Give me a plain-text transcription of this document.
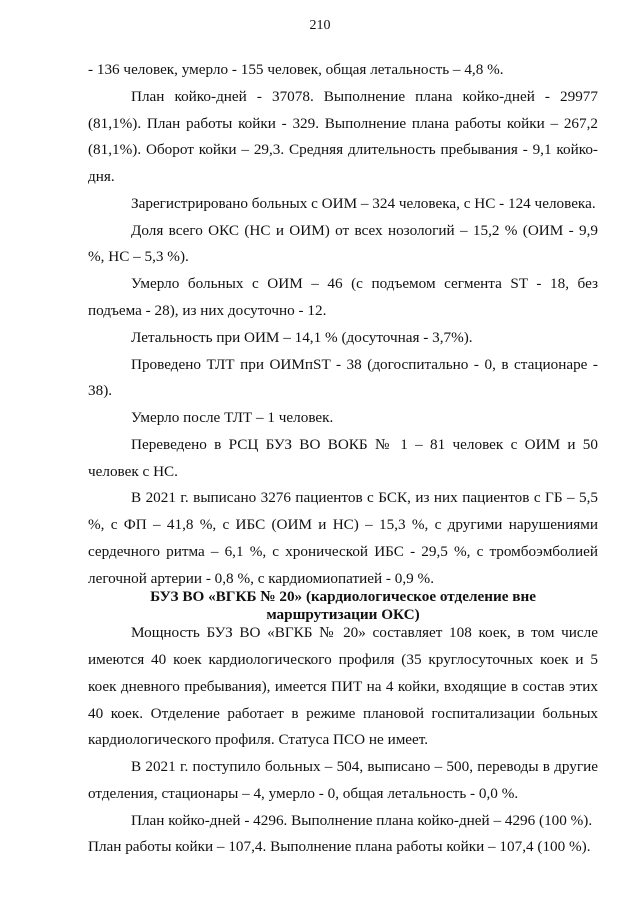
210
- 136 человек, умерло - 155 человек, общая летальность – 4,8 %.
План койко-дней - 37078. Выполнение плана койко-дней - 29977
(81,1%). План работы койки - 329. Выполнение плана работы койки – 267,2
(81,1%). Оборот койки – 29,3. Средняя длительность пребывания - 9,1 койко-
дня.
Зарегистрировано больных с ОИМ – 324 человека, с НС - 124 человека.
Доля всего ОКС (НС и ОИМ) от всех нозологий – 15,2 % (ОИМ - 9,9
%, НС – 5,3 %).
Умерло больных с ОИМ – 46 (с подъемом сегмента ST - 18, без
подъема - 28), из них досуточно - 12.
Летальность при ОИМ – 14,1 % (досуточная - 3,7%).
Проведено ТЛТ при ОИМпST - 38 (догоспитально - 0, в стационаре -
38).
Умерло после ТЛТ – 1 человек.
Переведено в РСЦ БУЗ ВО ВОКБ № 1 – 81 человек с ОИМ и 50
человек с НС.
В 2021 г. выписано 3276 пациентов с БСК, из них пациентов с ГБ – 5,5
%, с ФП – 41,8 %, с ИБС (ОИМ и НС) – 15,3 %, с другими нарушениями
сердечного ритма – 6,1 %, с хронической ИБС - 29,5 %, с тромбоэмболией
легочной артерии - 0,8 %, с кардиомиопатией - 0,9 %.
БУЗ ВО «ВГКБ № 20» (кардиологическое отделение вне
маршрутизации ОКС)
Мощность БУЗ ВО «ВГКБ № 20» составляет 108 коек, в том числе
имеются 40 коек кардиологического профиля (35 круглосуточных коек и 5
коек дневного пребывания), имеется ПИТ на 4 койки, входящие в состав этих
40 коек. Отделение работает в режиме плановой госпитализации больных
кардиологического профиля. Статуса ПСО не имеет.
В 2021 г. поступило больных – 504, выписано – 500, переводы в другие
отделения, стационары – 4, умерло - 0, общая летальность - 0,0 %.
План койко-дней - 4296. Выполнение плана койко-дней – 4296 (100 %).
План работы койки – 107,4. Выполнение плана работы койки – 107,4 (100 %).
